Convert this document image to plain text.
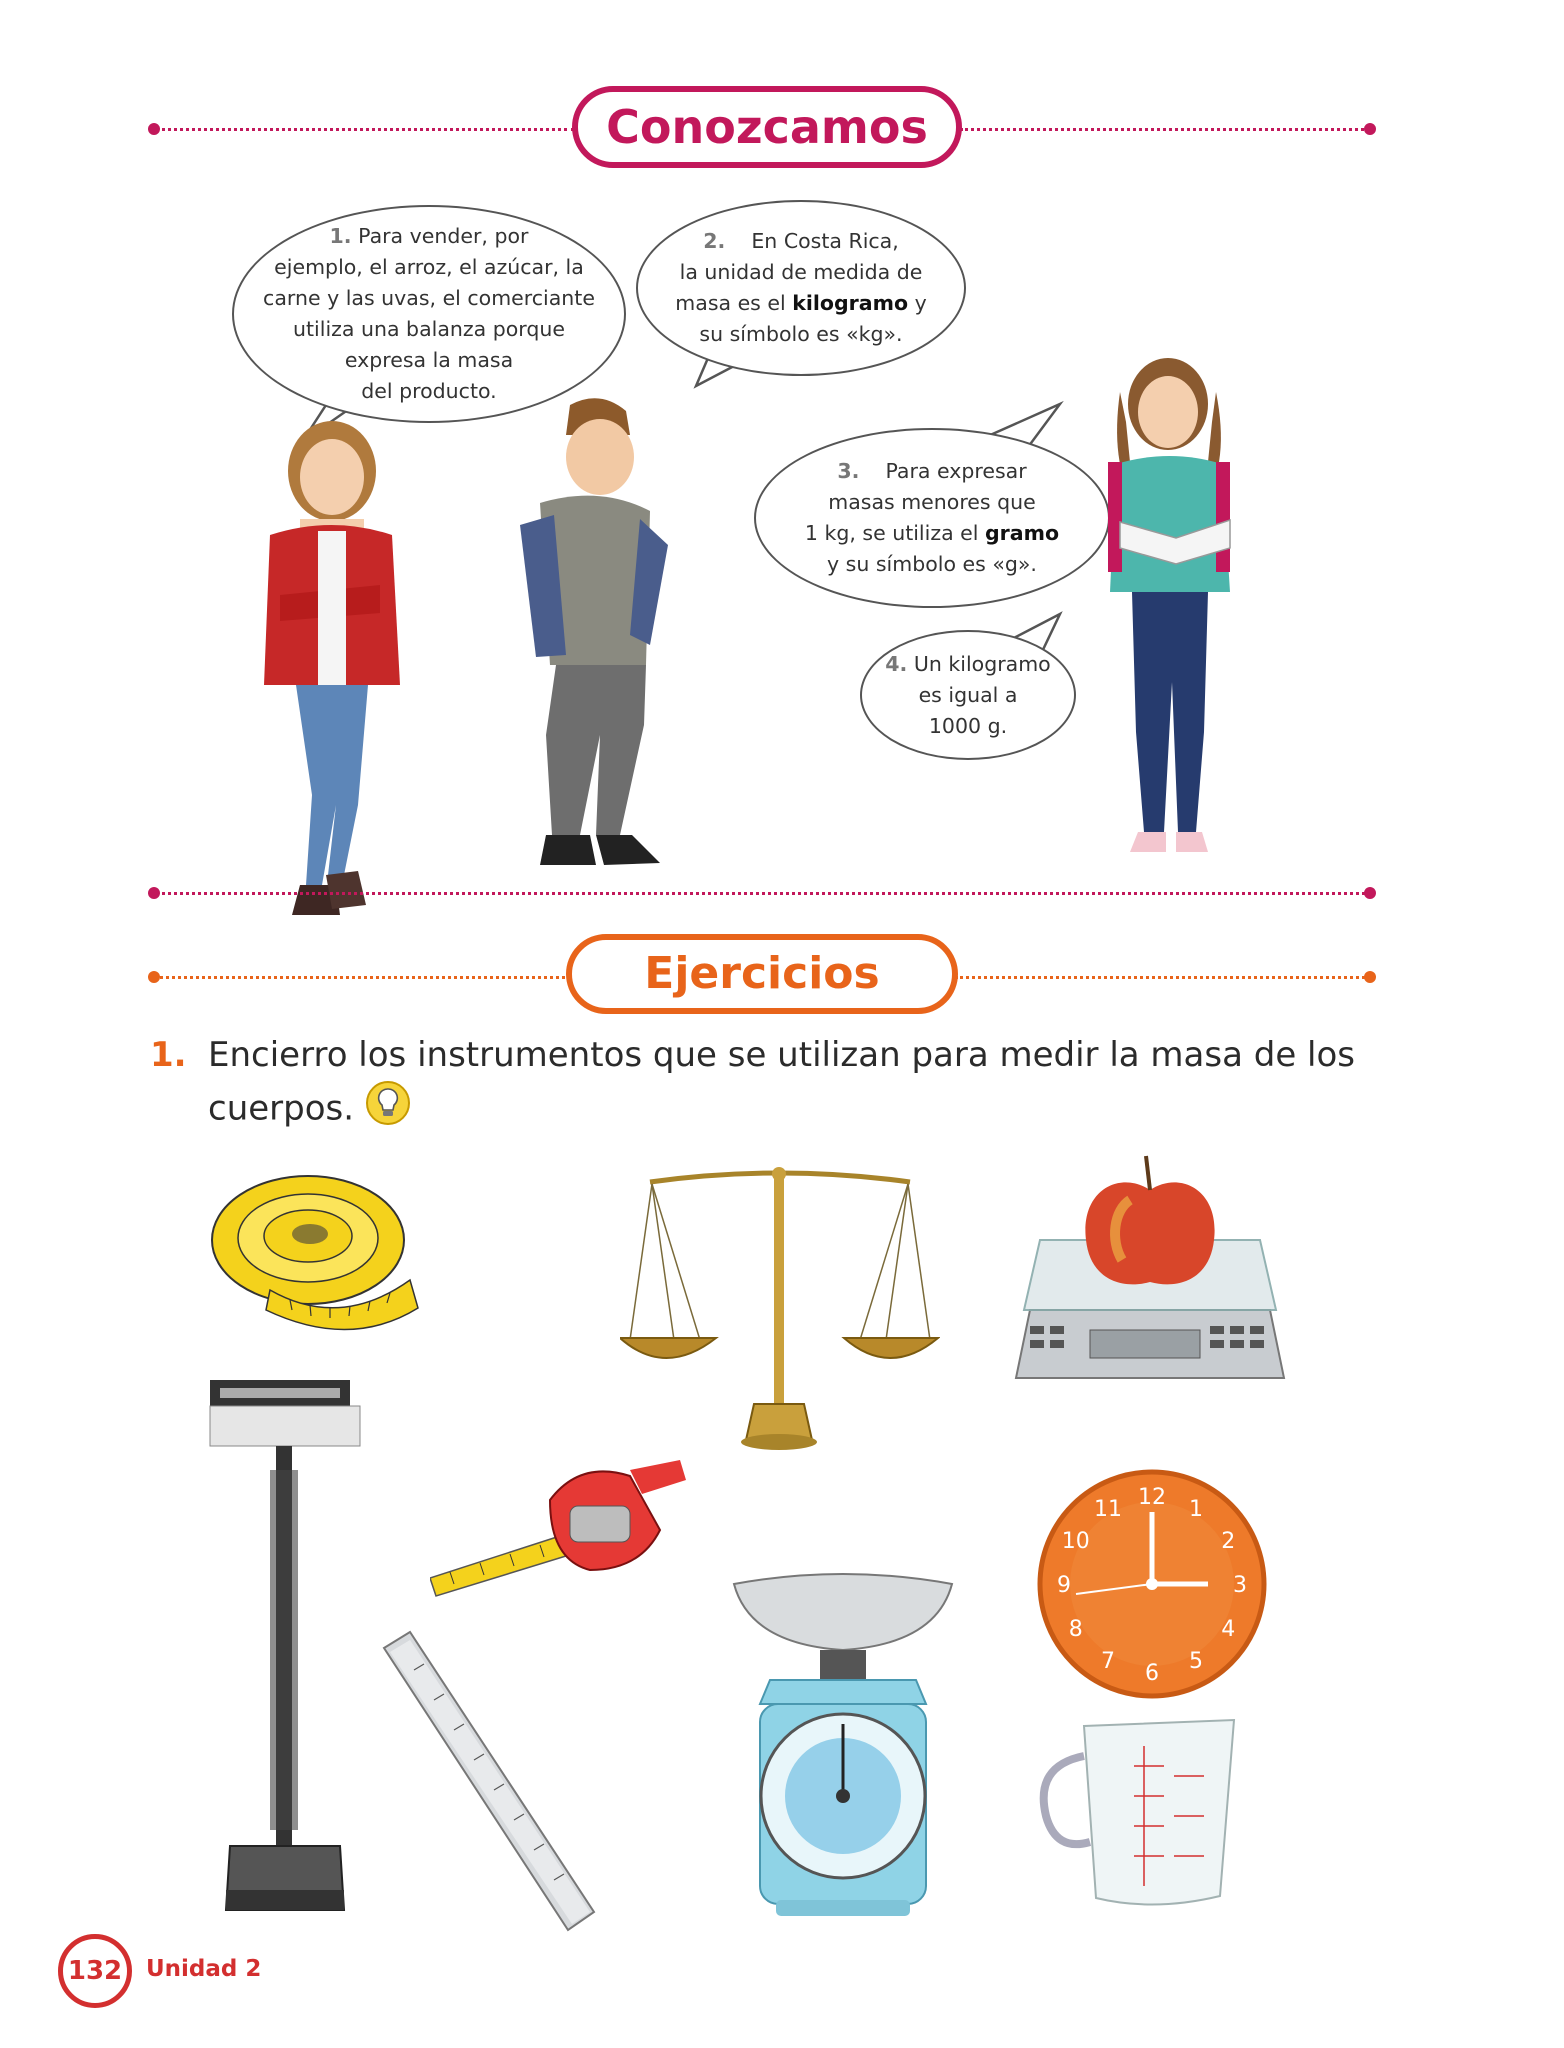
Conozcamos
1. Para vender, por
ejemplo, el arroz, el azúcar, la
carne y las uvas, el comerciante
utiliza una balanza porque
expresa la masa
del producto.
2. En Costa Rica,
la unidad de medida de
masa es el kilogramo y
su símbolo es «kg».
3. Para expresar
masas menores que
1 kg, se utiliza el gramo
y su símbolo es «g».
4. Un kilogramo
es igual a
1000 g.
Ejercicios
1. Encierro los instrumentos que se utilizan para medir la masa de los
cuerpos.
12 1
2
3
4
5
6
7
8
9
10
11
132 Unidad 2
